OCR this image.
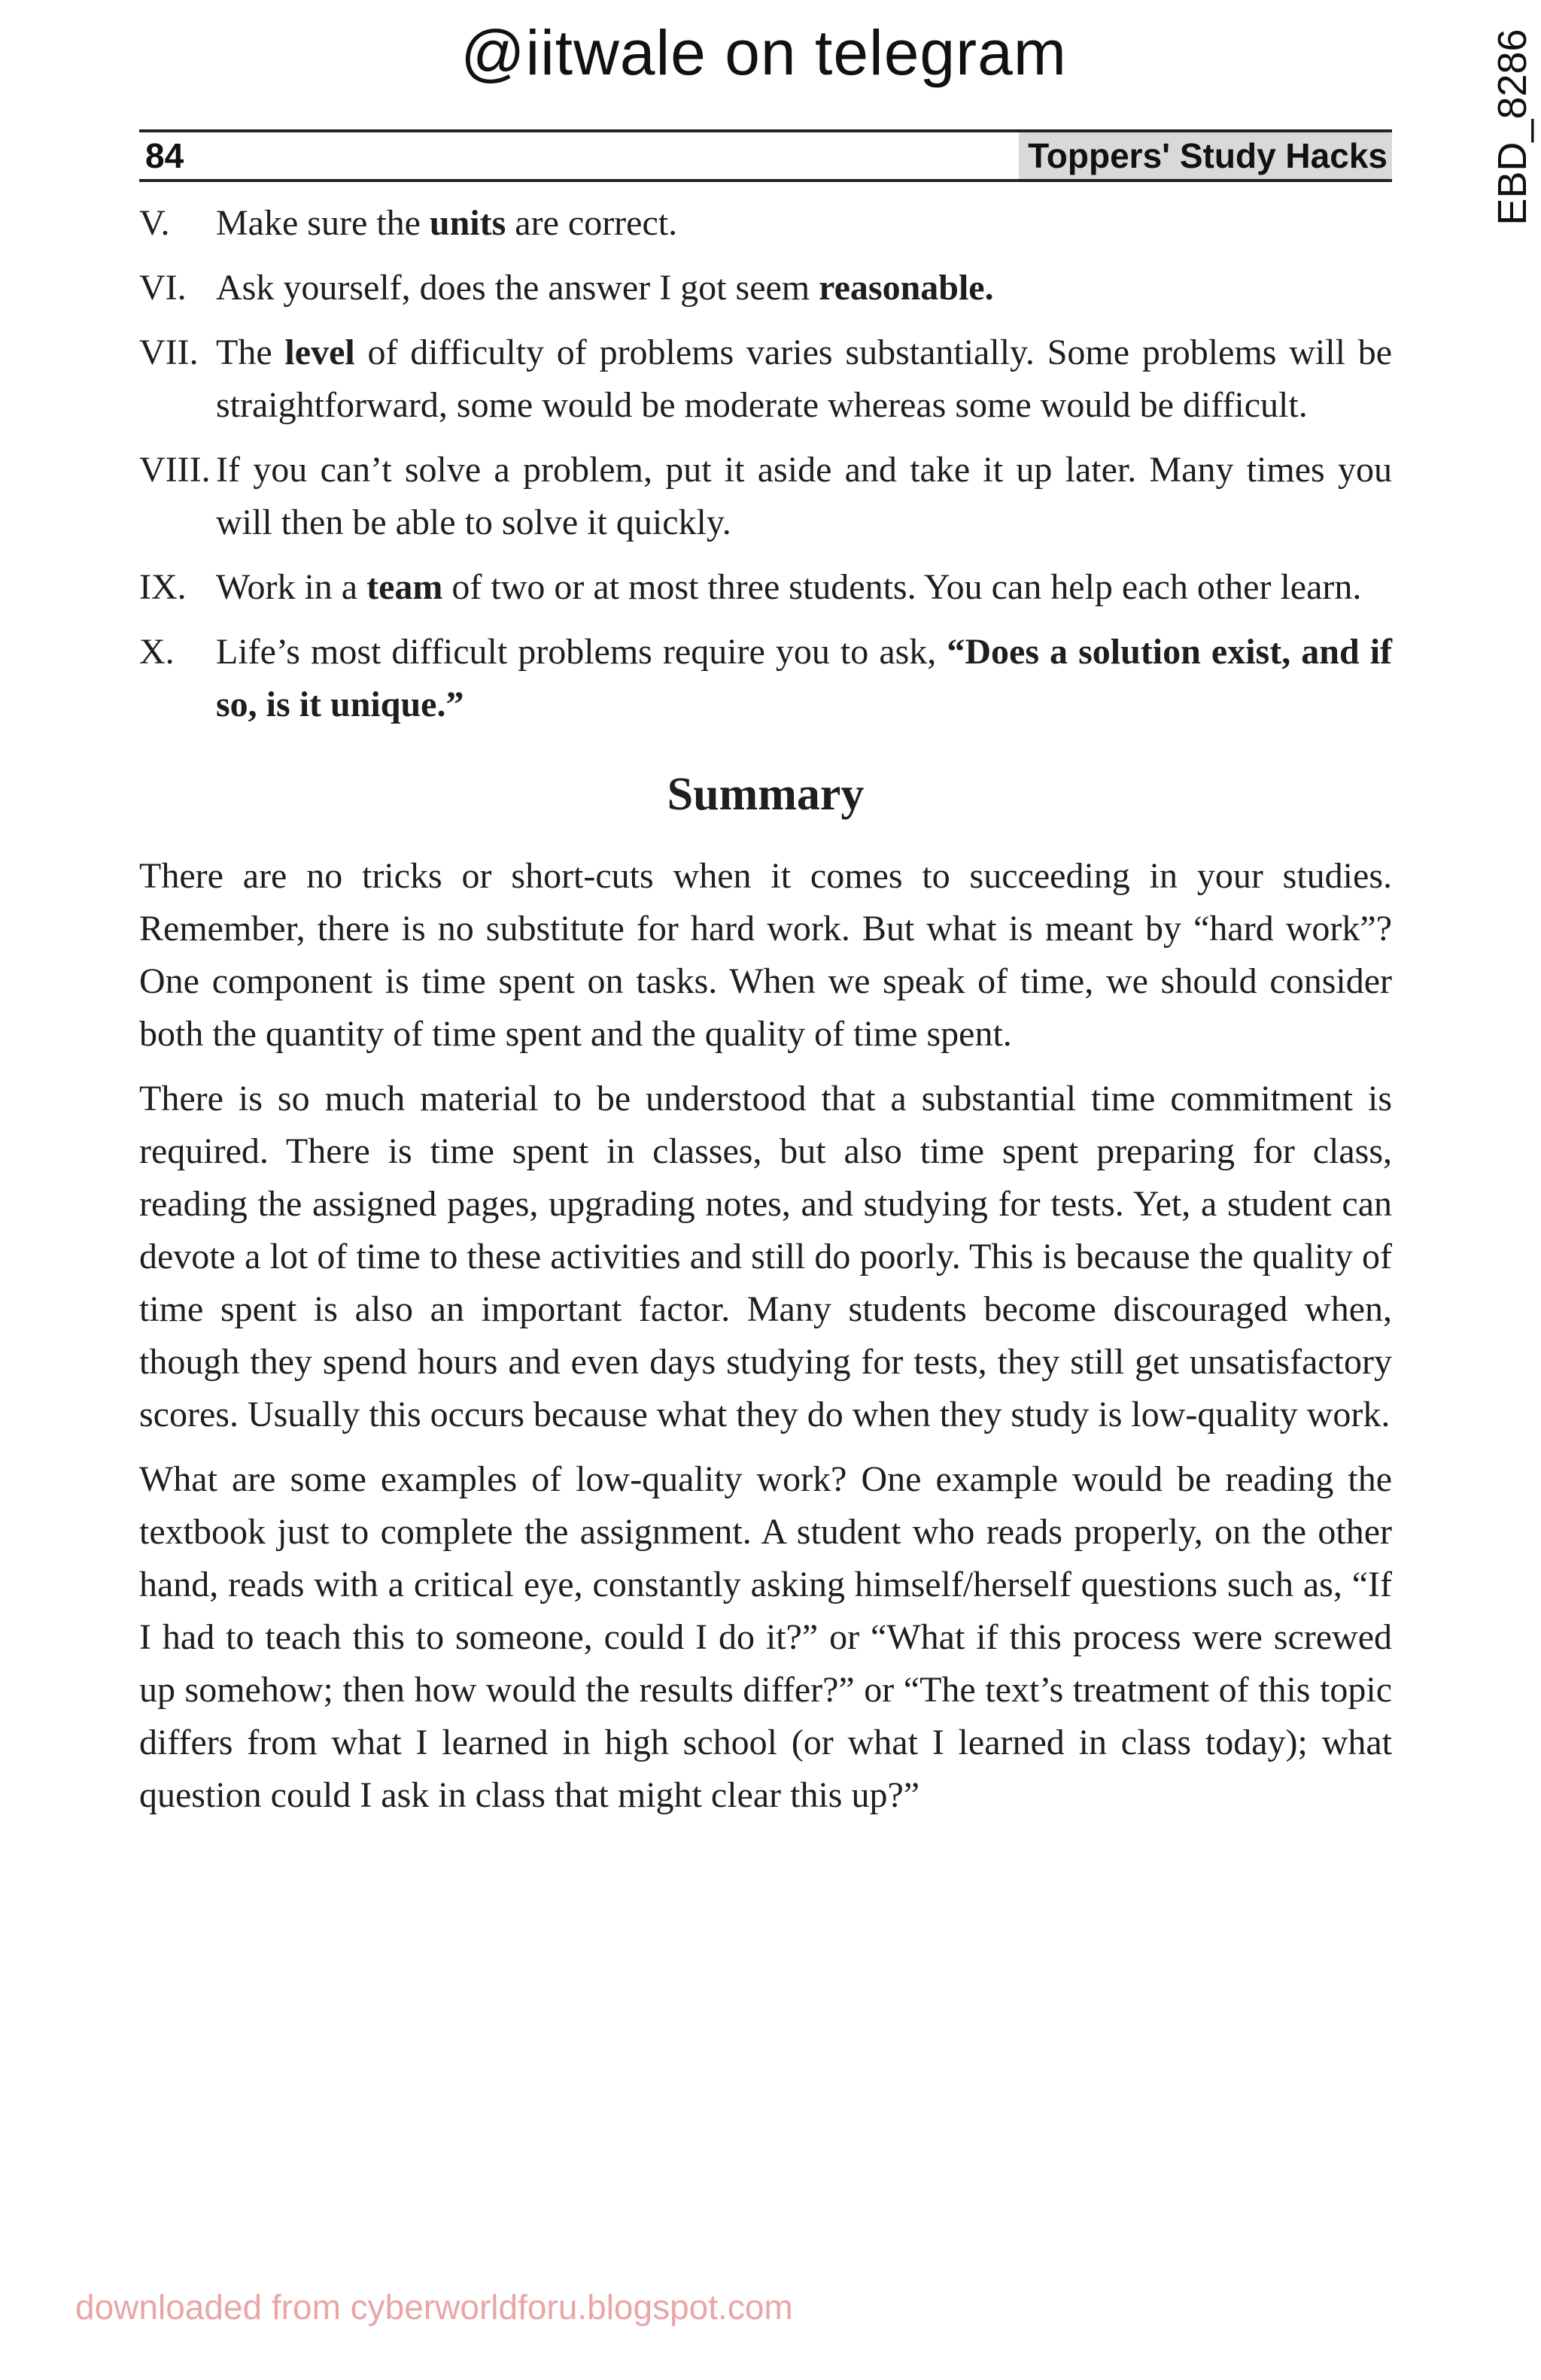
@iitwale on telegram	EBD_8286
84	Toppers' Study Hacks
V. Make sure the units are correct.
VI. Ask yourself, does the answer I got seem reasonable.
VII. The level of difficulty of problems varies substantially. Some problems will be straightforward, some would be moderate whereas some would be difficult.
VIII. If you can’t solve a problem, put it aside and take it up later. Many times you will then be able to solve it quickly.
IX. Work in a team of two or at most three students. You can help each other learn.
X. Life’s most difficult problems require you to ask, “Does a solution exist, and if so, is it unique.”
Summary

There are no tricks or short-cuts when it comes to succeeding in your studies. Remember, there is no substitute for hard work. But what is meant by “hard work”? One component is time spent on tasks. When we speak of time, we should consider both the quantity of time spent and the quality of time spent.

There is so much material to be understood that a substantial time commitment is required. There is time spent in classes, but also time spent preparing for class, reading the assigned pages, upgrading notes, and studying for tests. Yet, a student can devote a lot of time to these activities and still do poorly. This is because the quality of time spent is also an important factor. Many students become discouraged when, though they spend hours and even days studying for tests, they still get unsatisfactory scores. Usually this occurs because what they do when they study is low-quality work.

What are some examples of low-quality work? One example would be reading the textbook just to complete the assignment. A student who reads properly, on the other hand, reads with a critical eye, constantly asking himself/herself questions such as, “If I had to teach this to someone, could I do it?” or “What if this process were screwed up somehow; then how would the results differ?” or “The text’s treatment of this topic differs from what I learned in high school (or what I learned in class today); what question could I ask in class that might clear this up?”

downloaded from cyberworldforu.blogspot.com
